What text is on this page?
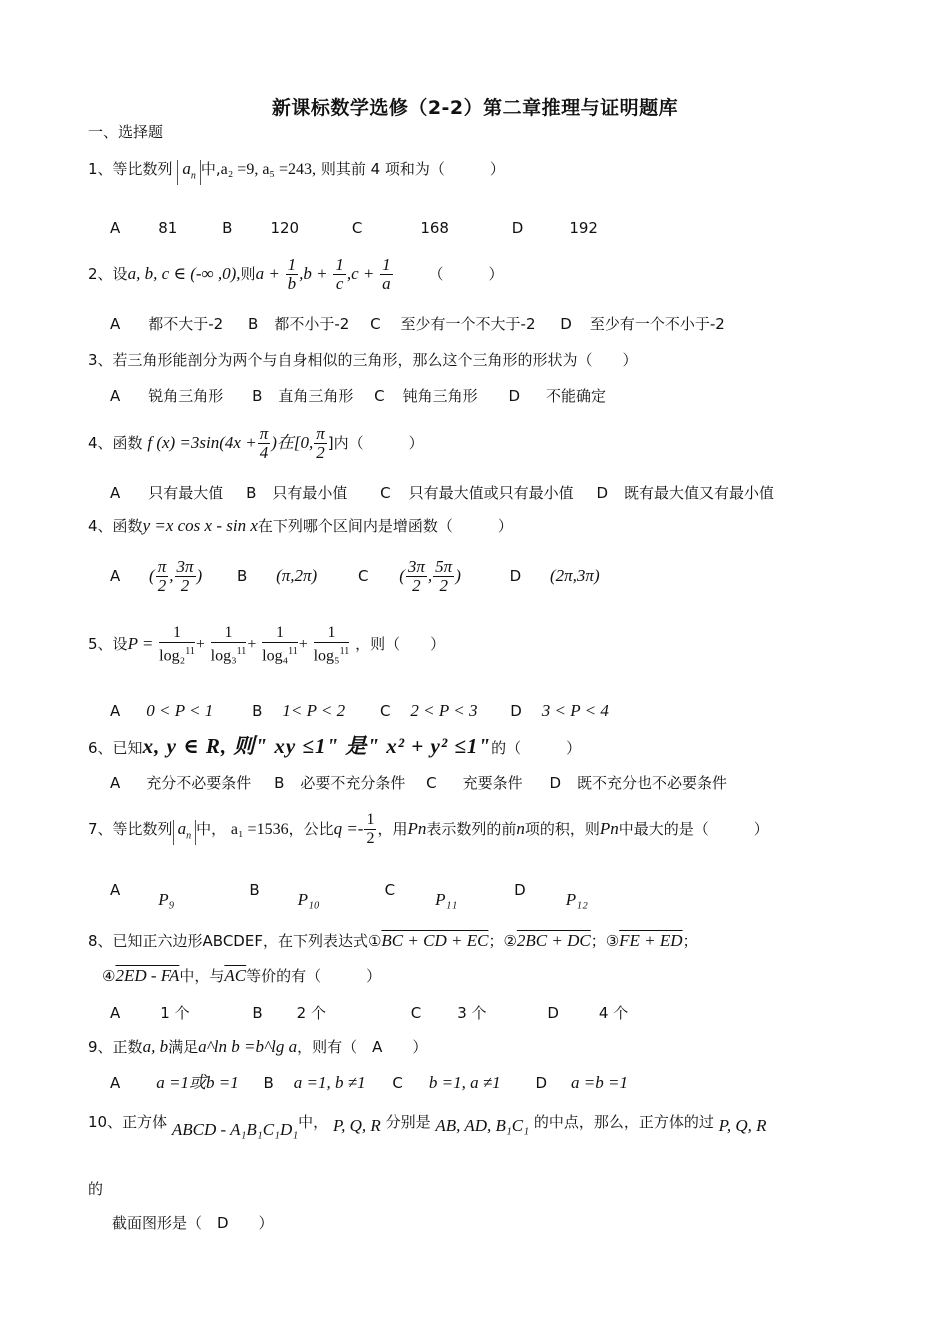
新课标数学选修（2-2）第二章推理与证明题库
一、选择题
1、等比数列 $a_n$ 中,a₂ =9, a₅ =243, 则其前 4 项和为（　　　）
A	81	B	120	C	168	D	192
2、设a, b, c ∈ (-∞ ,0),则$a + \frac{1}{b} ,b + \frac{1}{c} ,c + \frac{1}{a}$ （　　　）
A 都不大于-2 B 都不小于-2 C 至少有一个不大于-2 D 至少有一个不小于-2
3、若三角形能剖分为两个与自身相似的三角形，那么这个三角形的形状为（　　）
A 锐角三角形 B 直角三角形 C 钝角三角形 D 不能确定
4、函数 f $(x) =3\sin(4x + \frac{\pi}{4}$ )在[0, $\frac{\pi}{2}$ ]内（　　　）
A 只有最大值 B 只有最小值 C 只有最大值或只有最小值 D 既有最大值又有最小值
4、函数y =x cos x - sin x在下列哪个区间内是增函数（　　　）
A ( $\frac{\pi}{2}$ , $\frac{3\pi}{2}$ ) B (π,2π)	C ( $\frac{3\pi}{2}$ , $\frac{5\pi}{2}$ )	D (2π,3π)
5、设$P = \frac{1}{\log_2^{11}} + \frac{1}{\log_3^{11}} + \frac{1}{\log_4^{11}} + \frac{1}{\log_5^{11}}$ ，则（　　）
A 0 < P < 1	B 1< P < 2 C 2 < P < 3 D 3 < P < 4
6、已知x, y ∈ R, 则" xy ≤1" 是" x² + y² ≤1"的（　　　）
A 充分不必要条件 B 必要不充分条件 C 充要条件 D 既不充分也不必要条件
7、等比数列 $a_n$ 中， a₁ =1536，公比$q =- \frac{1}{2}$ ，用Pn表示数列的前n项的积，则Pn中最大的是（　　　）
A P₉	B P₁₀	C P₁₁	D P₁₂
8、已知正六边形ABCDEF，在下列表达式①BC + CD + EC；②2BC + DC；③FE + ED；
④2ED - FA中，与$\overline{AC}$等价的有（　　　）
A	1 个	B 2 个	C 3 个	D	4 个
9、正数a, b满足a^ln b =b^lg a，则有（　A　　）
A a =1或b =1 B a =1, b ≠1 C b =1, a ≠1 D a =b =1
10、正方体 ABCD - A₁B₁C₁D₁中， P, Q, R 分别是 AB, AD, B₁C₁ 的中点，那么，正方体的过 P, Q, R
的
截面图形是（　D　　）
